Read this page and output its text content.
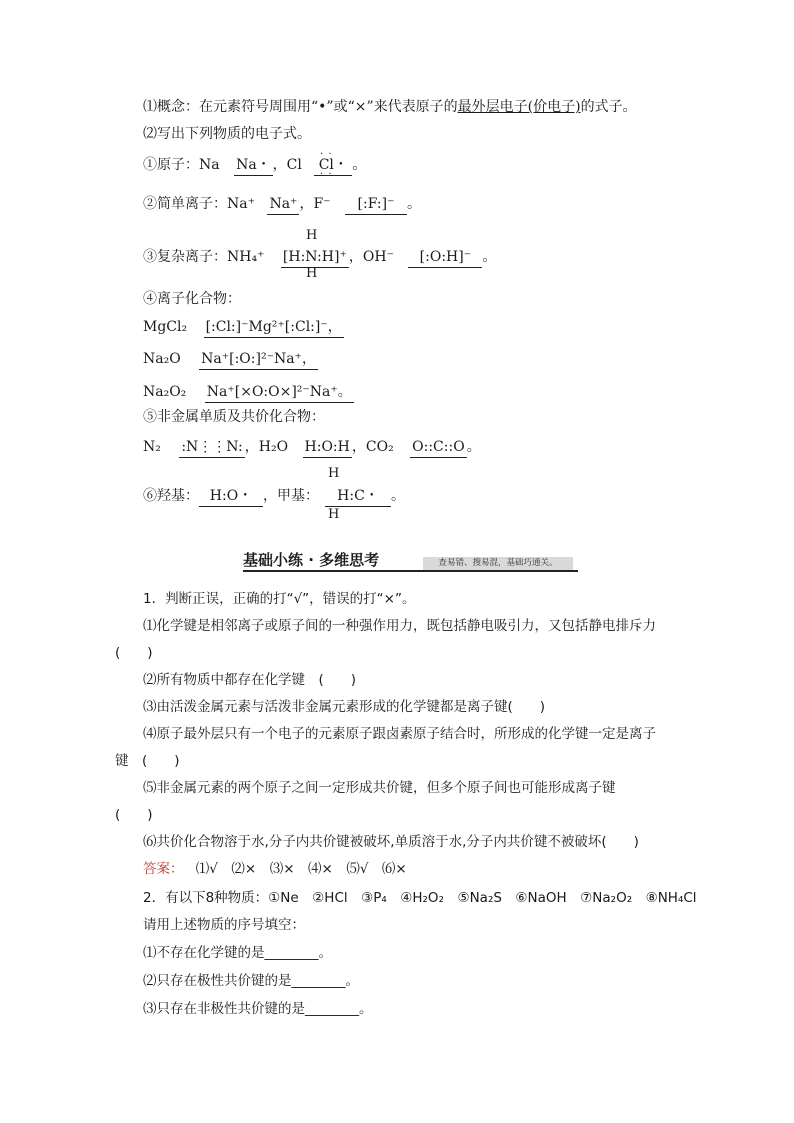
⑴概念：在元素符号周围用“•”或“×”来代表原子的最外层电子(价电子)的式子。
⑵写出下列物质的电子式。
①原子：Na Na・ ，Cl · · Cl · ·・ 。
②简单离子：Na⁺ Na⁺ ，F⁻ [:F:]⁻ 。
H
③复杂离子：NH₄⁺ [H:N:H]⁺ ，OH⁻ [:O:H]⁻ 。
H
④离子化合物：
MgCl₂ [:Cl:]⁻Mg²⁺[:Cl:]⁻，
Na₂O Na⁺[:O:]²⁻Na⁺，
Na₂O₂ Na⁺[×O:O×]²⁻Na⁺。
⑤非金属单质及共价化合物：
N₂ :N⋮⋮N: ，H₂O H:O:H ，CO₂ O::C::O 。
H
⑥羟基： H:O・ ，甲基： H:C・ 。
H
基础小练 · 多维思考	查易错、搜易混，基础巧通关。
1．判断正误，正确的打“√”，错误的打“×”。
⑴化学键是相邻离子或原子间的一种强作用力，既包括静电吸引力，又包括静电排斥力
(　　)
⑵所有物质中都存在化学键　(　　)
⑶由活泼金属元素与活泼非金属元素形成的化学键都是离子键(　　)
⑷原子最外层只有一个电子的元素原子跟卤素原子结合时，所形成的化学键一定是离子
键　(　　)
⑸非金属元素的两个原子之间一定形成共价键，但多个原子间也可能形成离子键
(　　)
⑹共价化合物溶于水,分子内共价键被破坏,单质溶于水,分子内共价键不被破坏(　　)
答案： ⑴√　⑵×　⑶×　⑷×　⑸√　⑹×
2．有以下8种物质：①Ne　②HCl　③P₄　④H₂O₂　⑤Na₂S　⑥NaOH　⑦Na₂O₂　⑧NH₄Cl
请用上述物质的序号填空：
⑴不存在化学键的是________。
⑵只存在极性共价键的是________。
⑶只存在非极性共价键的是________。
